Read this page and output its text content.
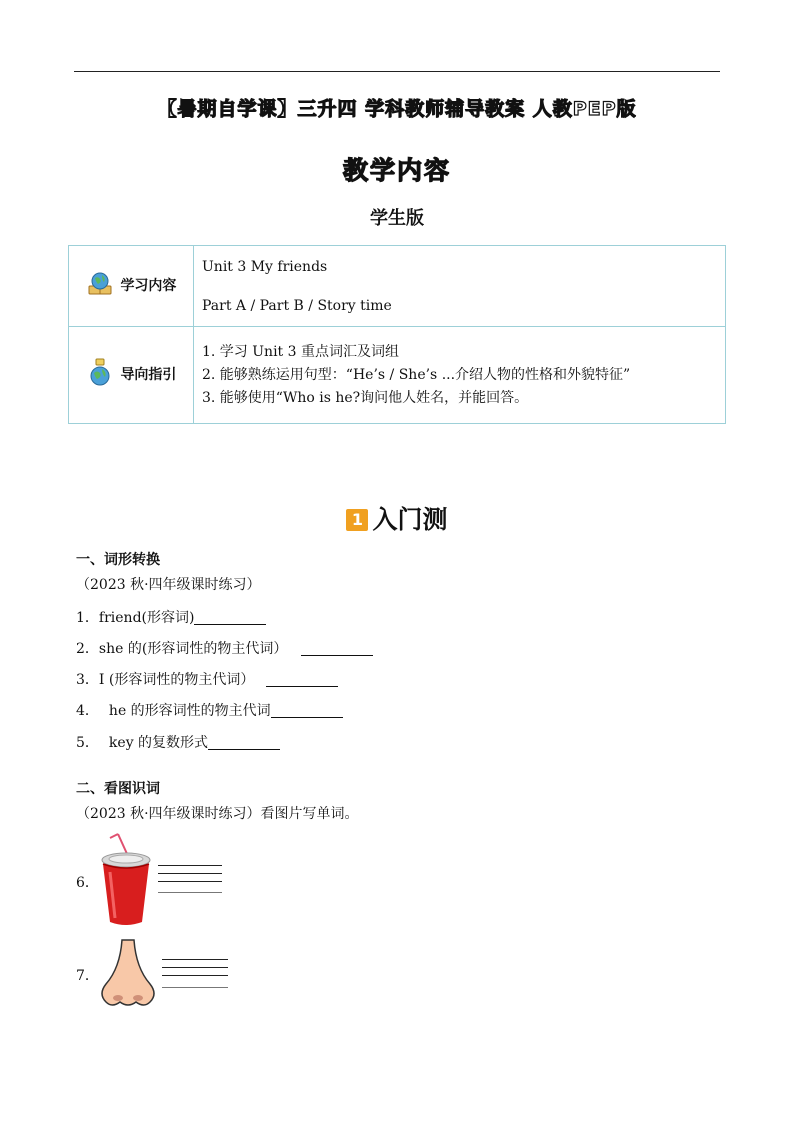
【暑期自学课】三升四 学科教师辅导教案 人教PEP版
教学内容
学生版
学习内容	Unit 3 My friends
Part A / Part B / Story time

导向指引	1. 学习 Unit 3 重点词汇及词组
2. 能够熟练运用句型：“He’s / She’s ...介绍人物的性格和外貌特征”
3. 能够使用“Who is he?询问他人姓名，并能回答。
1 入门测
一、词形转换
（2023 秋·四年级课时练习）
1．friend(形容词)
2．she 的(形容词性的物主代词）
3．I (形容词性的物主代词）
4． he 的形容词性的物主代词
5． key 的复数形式
二、看图识词
（2023 秋·四年级课时练习）看图片写单词。
6．
7．
